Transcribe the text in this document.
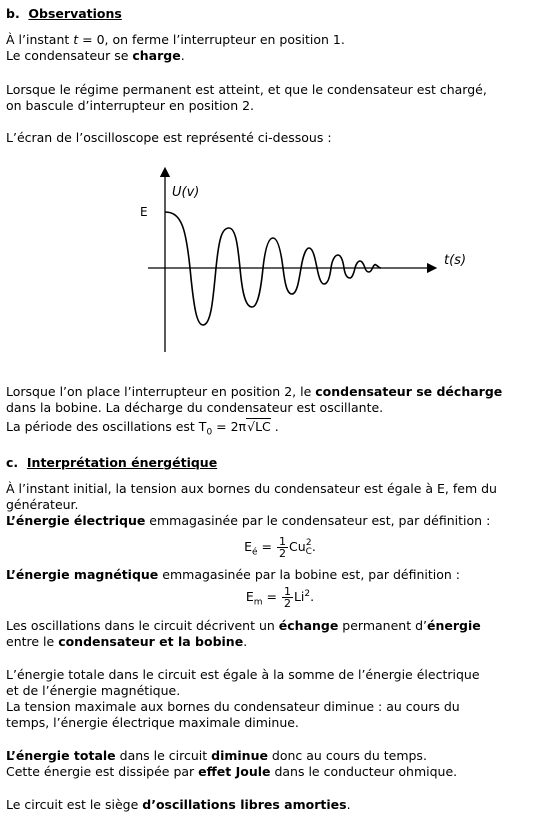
b. Observations
À l’instant t = 0, on ferme l’interrupteur en position 1.
Le condensateur se charge.
Lorsque le régime permanent est atteint, et que le condensateur est chargé,
on bascule d’interrupteur en position 2.
L’écran de l’oscilloscope est représenté ci-dessous :
U(v)
E
t(s)
Lorsque l’on place l’interrupteur en position 2, le condensateur se décharge
dans la bobine. La décharge du condensateur est oscillante.
La période des oscillations est $T_0 = 2\pi√LC$ .
c. Interprétation énergétique
À l’instant initial, la tension aux bornes du condensateur est égale à E, fem du
générateur.
L’énergie électrique emmagasinée par le condensateur est, par définition :
$E_é = \frac{1}{2}$ Cu 2
C .
L’énergie magnétique emmagasinée par la bobine est, par définition :
$E_m = \frac{1}{2} Li^2$.
Les oscillations dans le circuit décrivent un échange permanent d’énergie
entre le condensateur et la bobine.
L’énergie totale dans le circuit est égale à la somme de l’énergie électrique
et de l’énergie magnétique.
La tension maximale aux bornes du condensateur diminue : au cours du
temps, l’énergie électrique maximale diminue.
L’énergie totale dans le circuit diminue donc au cours du temps.
Cette énergie est dissipée par effet Joule dans le conducteur ohmique.
Le circuit est le siège d’oscillations libres amorties.
